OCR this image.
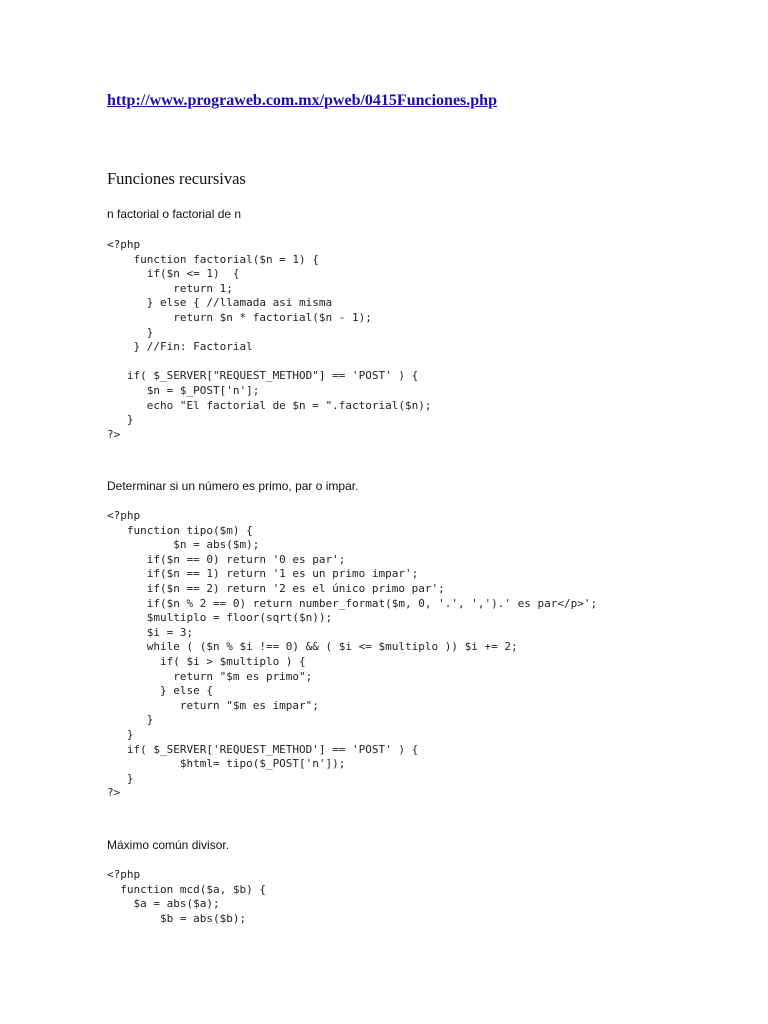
http://www.prograweb.com.mx/pweb/0415Funciones.php
Funciones recursivas
n factorial o factorial de n
<?php
function factorial($n = 1) {
if($n <= 1)  {
return 1;
} else { //llamada asi misma
return $n * factorial($n - 1);
}
} //Fin: Factorial
if( $_SERVER["REQUEST_METHOD"] == 'POST' ) {
$n = $_POST['n'];
echo "El factorial de $n = ".factorial($n);
}
?>
Determinar si un número es primo, par o impar.
<?php
function tipo($m) {
$n = abs($m);
if($n == 0) return '0 es par';
if($n == 1) return '1 es un primo impar';
if($n == 2) return '2 es el único primo par';
if($n % 2 == 0) return number_format($m, 0, '.', ',').' es par</p>';
$multiplo = floor(sqrt($n));
$i = 3;
while ( ($n % $i !== 0) && ( $i <= $multiplo )) $i += 2;
if( $i > $multiplo ) {
return "$m es primo";
} else {
return "$m es impar";
}
}
if( $_SERVER['REQUEST_METHOD'] == 'POST' ) {
$html= tipo($_POST['n']);
}
?>
Máximo común divisor.
<?php
function mcd($a, $b) {
$a = abs($a);
$b = abs($b);
